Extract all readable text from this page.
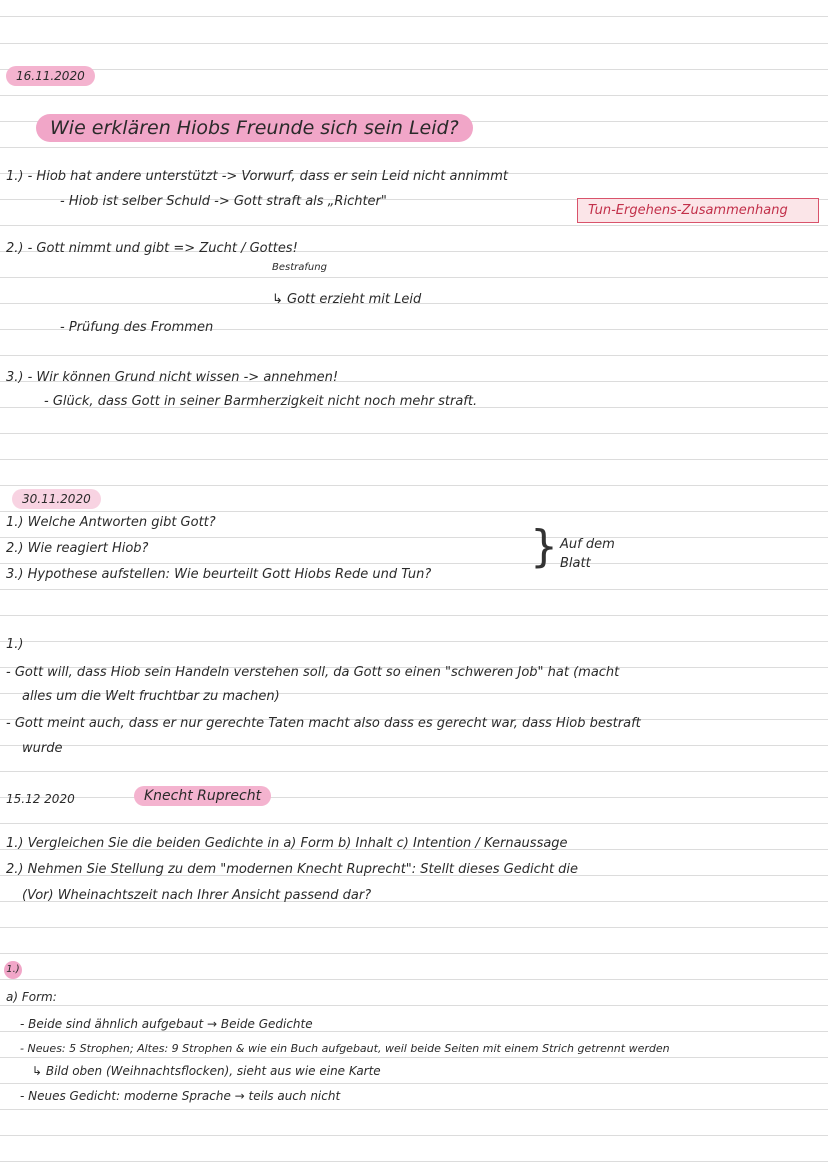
16.11.2020
Wie erklären Hiobs Freunde sich sein Leid?
Tun-Ergehens-Zusammenhang
1.) - Hiob hat andere unterstützt -> Vorwurf, dass er sein Leid nicht annimmt
- Hiob ist selber Schuld -> Gott straft als „Richter"
2.) - Gott nimmt und gibt => Zucht / Gottes!
Bestrafung
↳ Gott erzieht mit Leid
- Prüfung des Frommen
3.) - Wir können Grund nicht wissen -> annehmen!
- Glück, dass Gott in seiner Barmherzigkeit nicht noch mehr straft.
30.11.2020
1.) Welche Antworten gibt Gott?
2.) Wie reagiert Hiob?
3.) Hypothese aufstellen: Wie beurteilt Gott Hiobs Rede und Tun?
} Auf dem
Blatt
1.)
- Gott will, dass Hiob sein Handeln verstehen soll, da Gott so einen "schweren Job" hat (macht
alles um die Welt fruchtbar zu machen)
- Gott meint auch, dass er nur gerechte Taten macht also dass es gerecht war, dass Hiob bestraft
wurde
15.12 2020	Knecht Ruprecht
1.) Vergleichen Sie die beiden Gedichte in a) Form b) Inhalt c) Intention / Kernaussage
2.) Nehmen Sie Stellung zu dem "modernen Knecht Ruprecht": Stellt dieses Gedicht die
(Vor) Wheinachtszeit nach Ihrer Ansicht passend dar?
1.)
a) Form:
- Beide sind ähnlich aufgebaut → Beide Gedichte
- Neues: 5 Strophen; Altes: 9 Strophen & wie ein Buch aufgebaut, weil beide Seiten mit einem Strich getrennt werden
↳ Bild oben (Weihnachtsflocken), sieht aus wie eine Karte
- Neues Gedicht: moderne Sprache → teils auch nicht
